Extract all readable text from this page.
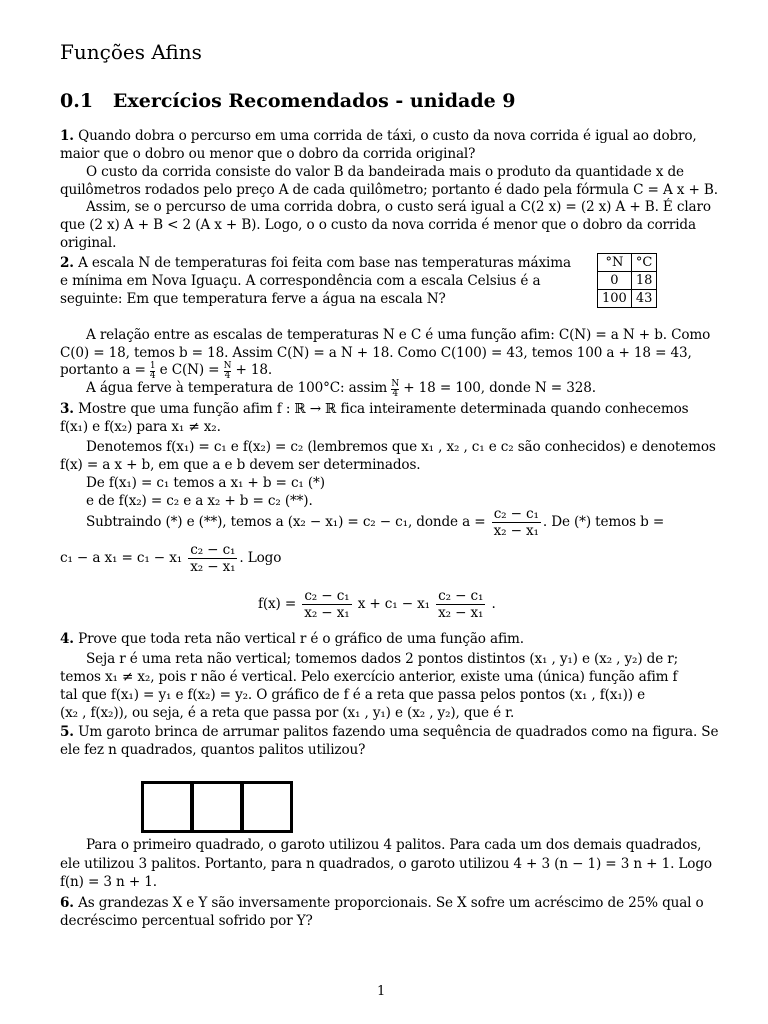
Funções Afins
0.1 Exercícios Recomendados - unidade 9
1. Quando dobra o percurso em uma corrida de táxi, o custo da nova corrida é igual ao dobro,
maior que o dobro ou menor que o dobro da corrida original?
O custo da corrida consiste do valor B da bandeirada mais o produto da quantidade x de
quilômetros rodados pelo preço A de cada quilômetro; portanto é dado pela fórmula C = A x + B.
Assim, se o percurso de uma corrida dobra, o custo será igual a C(2 x) = (2 x) A + B. É claro
que (2 x) A + B < 2 (A x + B). Logo, o o custo da nova corrida é menor que o dobro da corrida
original.
2. A escala N de temperaturas foi feita com base nas temperaturas máxima
e mínima em Nova Iguaçu. A correspondência com a escala Celsius é a
seguinte: Em que temperatura ferve a água na escala N?
°N	°C
0	18
100	43
A relação entre as escalas de temperaturas N e C é uma função afim: C(N) = a N + b. Como
C(0) = 18, temos b = 18. Assim C(N) = a N + 18. Como C(100) = 43, temos 100 a + 18 = 43,
portanto $a = \frac{1}{4}$ e $C(N) = \frac{N}{4} + 18$.
A água ferve à temperatura de 100°C: assim $\frac{N}{4} + 18 = 100$, donde N = 328.
3. Mostre que uma função afim f : ℝ → ℝ fica inteiramente determinada quando conhecemos
f(x₁) e f(x₂) para x₁ ≠ x₂.
Denotemos f(x₁) = c₁ e f(x₂) = c₂ (lembremos que x₁ , x₂ , c₁ e c₂ são conhecidos) e denotemos
f(x) = a x + b, em que a e b devem ser determinados.
De f(x₁) = c₁ temos a x₁ + b = c₁ (*)
e de f(x₂) = c₂ e a x₂ + b = c₂ (**).
Subtraindo (*) e (**), temos a (x₂ − x₁) = c₂ − c₁, donde $a = \frac{\text{c₂ − c₁}}{\text{x₂ − x₁}}$ . De (*) temos b =
c₁ − a $x_1 = c_1 - x_1 \frac{\text{c₂ − c₁}}{\text{x₂ − x₁}}$ . Logo
$f(x) = \frac{\text{c₂ − c₁}}{\text{x₂ − x₁}}$ $x + c_1 - x_1 \frac{\text{c₂ − c₁}}{\text{x₂ − x₁}}$ .
4. Prove que toda reta não vertical r é o gráfico de uma função afim.
Seja r é uma reta não vertical; tomemos dados 2 pontos distintos (x₁ , y₁) e (x₂ , y₂) de r;
temos x₁ ≠ x₂, pois r não é vertical. Pelo exercício anterior, existe uma (única) função afim f
tal que f(x₁) = y₁ e f(x₂) = y₂. O gráfico de f é a reta que passa pelos pontos (x₁ , f(x₁)) e
(x₂ , f(x₂)), ou seja, é a reta que passa por (x₁ , y₁) e (x₂ , y₂), que é r.
5. Um garoto brinca de arrumar palitos fazendo uma sequência de quadrados como na figura. Se
ele fez n quadrados, quantos palitos utilizou?
Para o primeiro quadrado, o garoto utilizou 4 palitos. Para cada um dos demais quadrados,
ele utilizou 3 palitos. Portanto, para n quadrados, o garoto utilizou 4 + 3 (n − 1) = 3 n + 1. Logo
f(n) = 3 n + 1.
6. As grandezas X e Y são inversamente proporcionais. Se X sofre um acréscimo de 25% qual o
decréscimo percentual sofrido por Y?
1
